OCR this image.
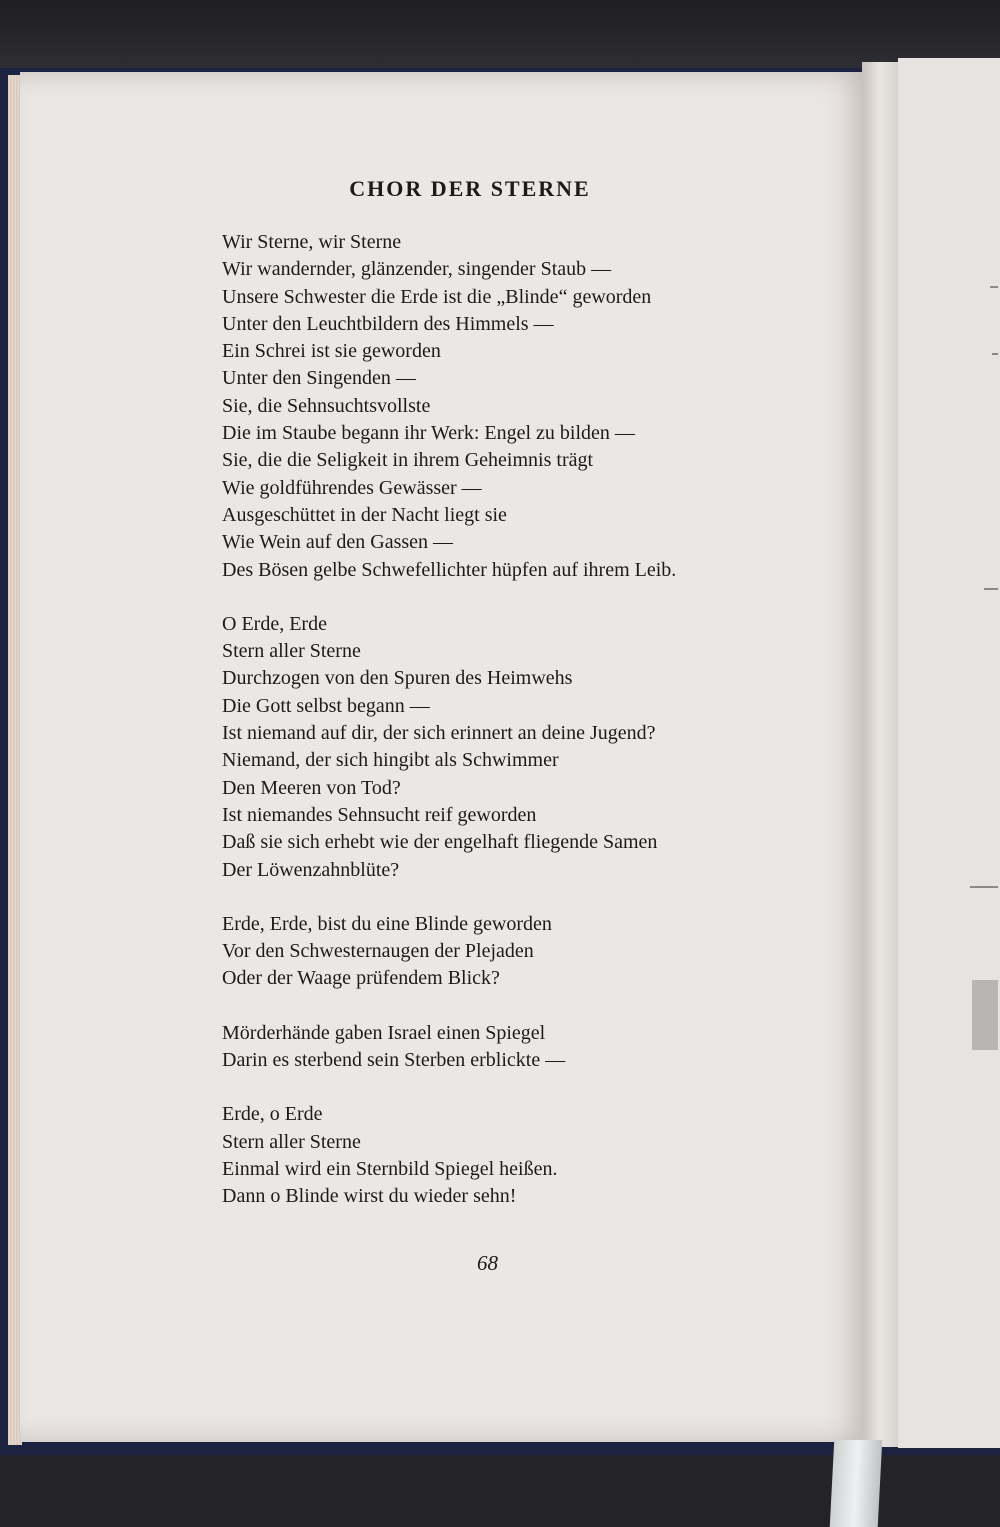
CHOR DER STERNE
Wir Sterne, wir Sterne
Wir wandernder, glänzender, singender Staub —
Unsere Schwester die Erde ist die „Blinde“ geworden
Unter den Leuchtbildern des Himmels —
Ein Schrei ist sie geworden
Unter den Singenden —
Sie, die Sehnsuchtsvollste
Die im Staube begann ihr Werk: Engel zu bilden —
Sie, die die Seligkeit in ihrem Geheimnis trägt
Wie goldführendes Gewässer —
Ausgeschüttet in der Nacht liegt sie
Wie Wein auf den Gassen —
Des Bösen gelbe Schwefellichter hüpfen auf ihrem Leib.
O Erde, Erde
Stern aller Sterne
Durchzogen von den Spuren des Heimwehs
Die Gott selbst begann —
Ist niemand auf dir, der sich erinnert an deine Jugend?
Niemand, der sich hingibt als Schwimmer
Den Meeren von Tod?
Ist niemandes Sehnsucht reif geworden
Daß sie sich erhebt wie der engelhaft fliegende Samen
Der Löwenzahnblüte?
Erde, Erde, bist du eine Blinde geworden
Vor den Schwesternaugen der Plejaden
Oder der Waage prüfendem Blick?
Mörderhände gaben Israel einen Spiegel
Darin es sterbend sein Sterben erblickte —
Erde, o Erde
Stern aller Sterne
Einmal wird ein Sternbild Spiegel heißen.
Dann o Blinde wirst du wieder sehn!
68
